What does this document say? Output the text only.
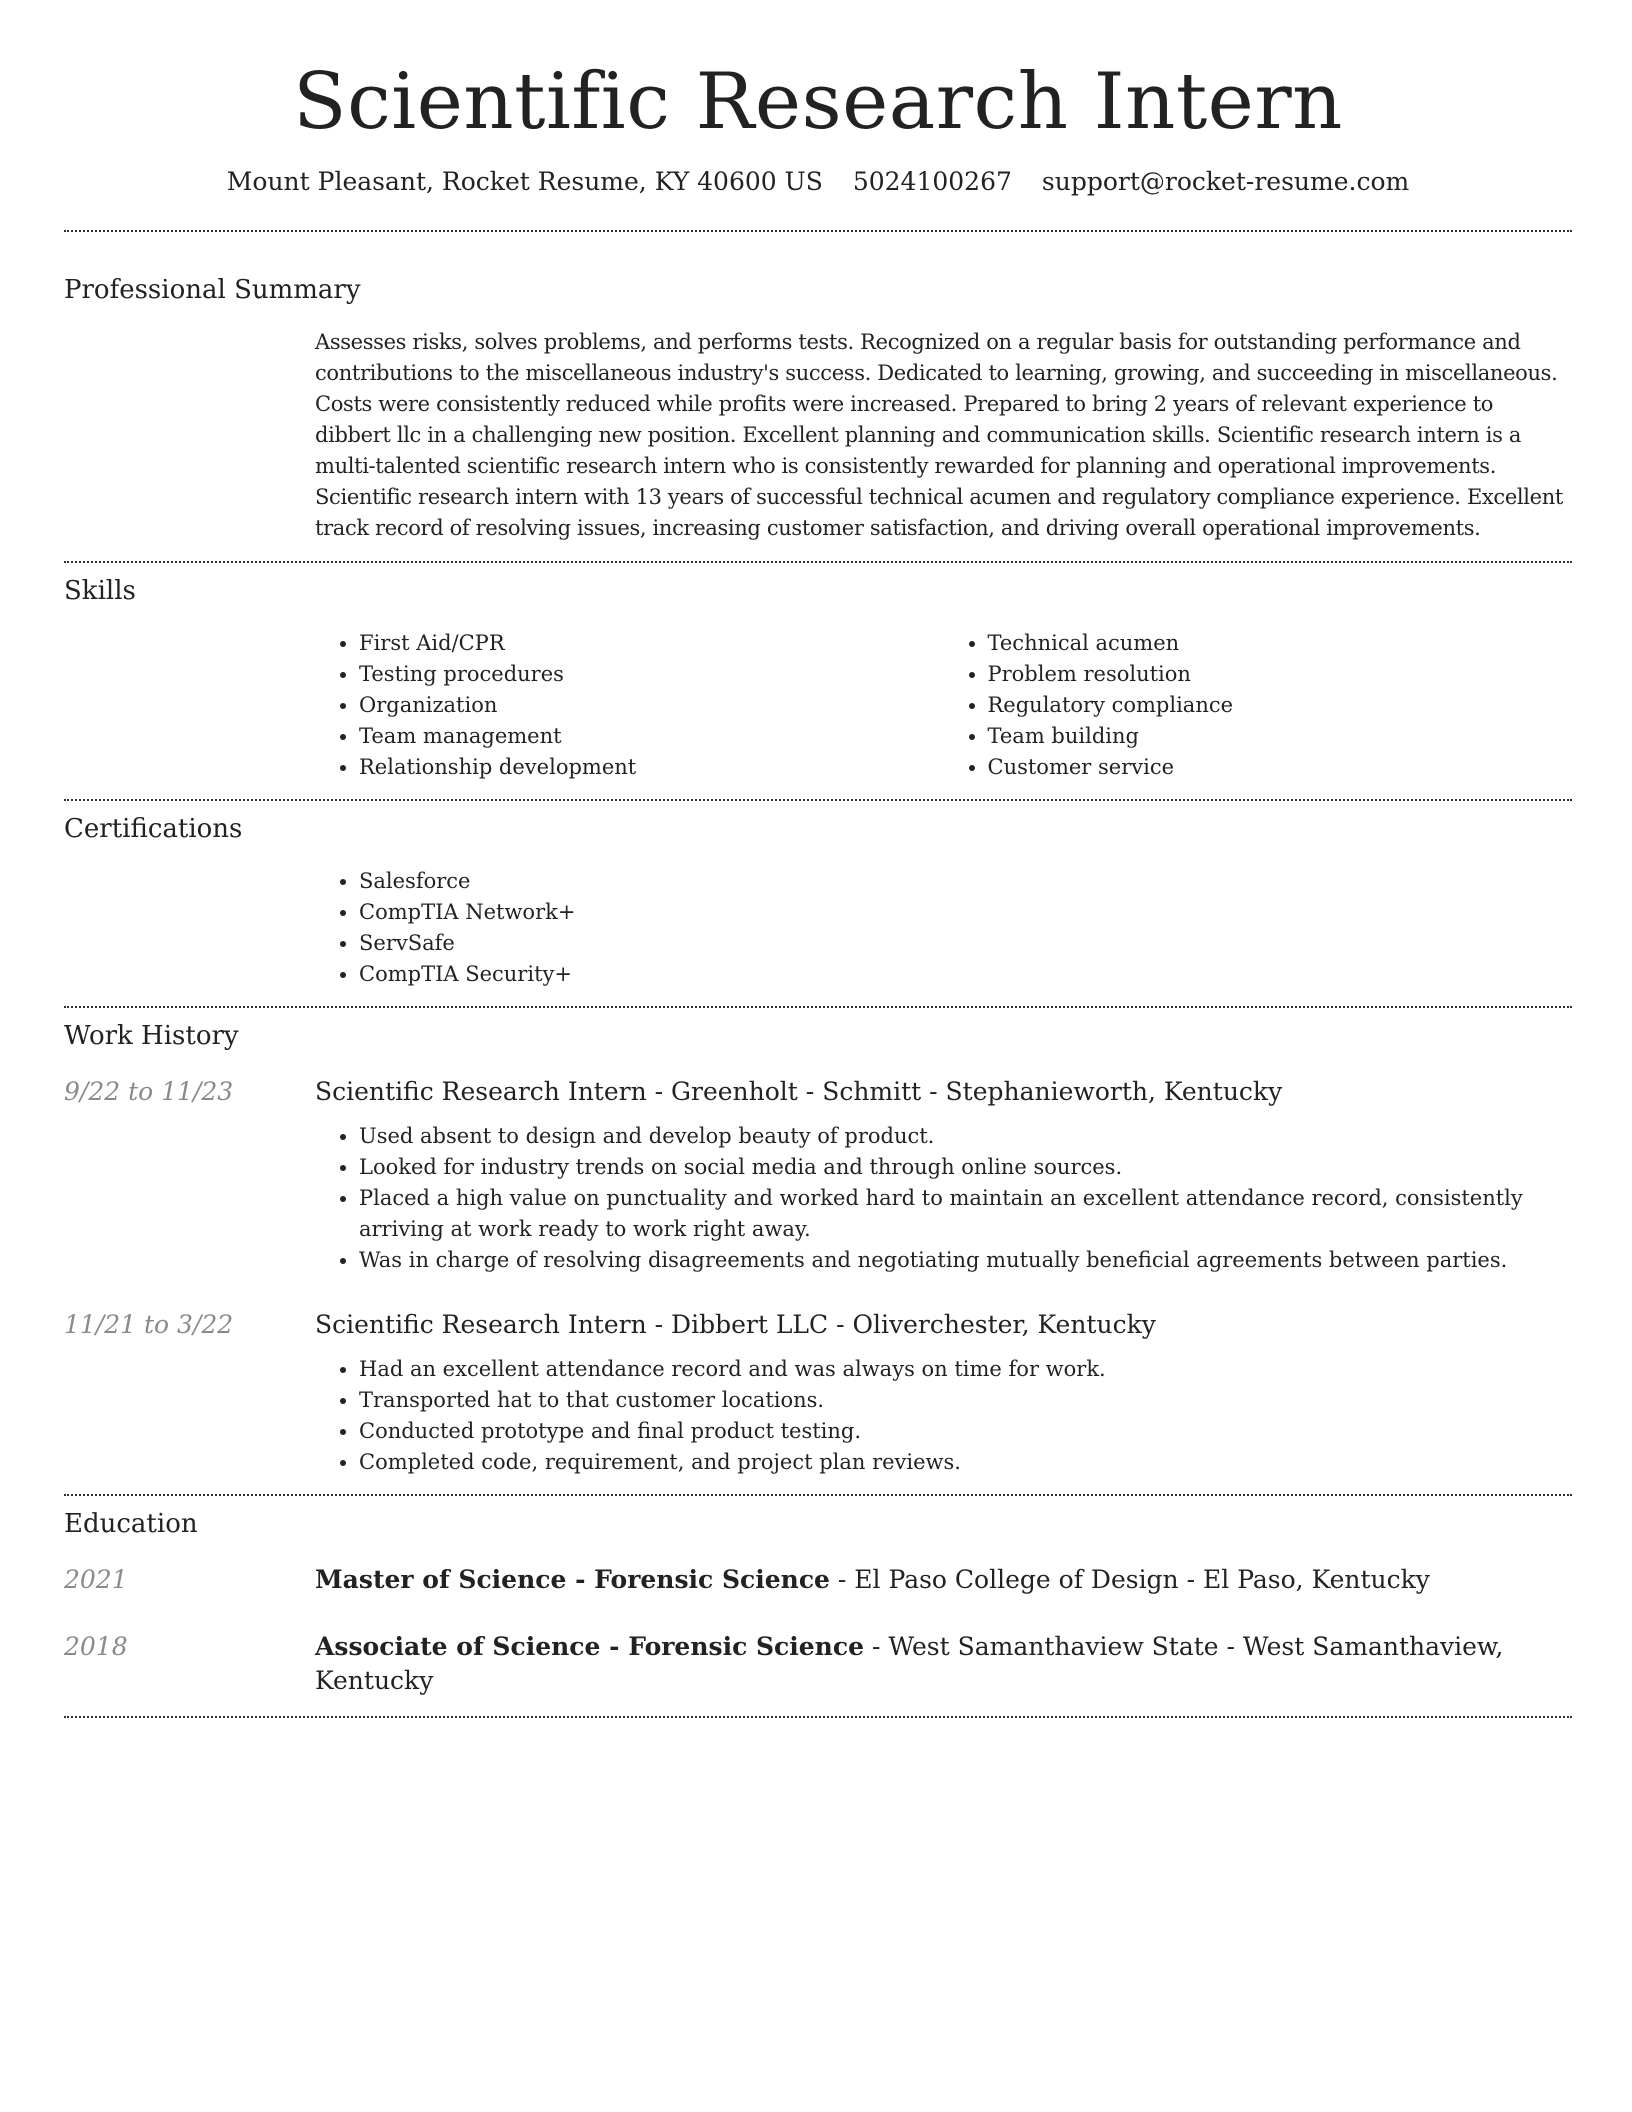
Scientific Research Intern
Mount Pleasant, Rocket Resume, KY 40600 US 5024100267 support@rocket-resume.com
Professional Summary

Assesses risks, solves problems, and performs tests. Recognized on a regular basis for outstanding performance and contributions to the miscellaneous industry's success. Dedicated to learning, growing, and succeeding in miscellaneous. Costs were consistently reduced while profits were increased. Prepared to bring 2 years of relevant experience to dibbert llc in a challenging new position. Excellent planning and communication skills. Scientific research intern is a multi-talented scientific research intern who is consistently rewarded for planning and operational improvements. Scientific research intern with 13 years of successful technical acumen and regulatory compliance experience. Excellent track record of resolving issues, increasing customer satisfaction, and driving overall operational improvements.

Skills
• First Aid/CPR
• Testing procedures
• Organization
• Team management
• Relationship development
• Technical acumen
• Problem resolution
• Regulatory compliance
• Team building
• Customer service
Certifications
• Salesforce
• CompTIA Network+
• ServSafe
• CompTIA Security+
Work History
9/22 to 11/23	Scientific Research Intern - Greenholt - Schmitt - Stephanieworth, Kentucky
• Used absent to design and develop beauty of product.
• Looked for industry trends on social media and through online sources.
• Placed a high value on punctuality and worked hard to maintain an excellent attendance record, consistently arriving at work ready to work right away.
• Was in charge of resolving disagreements and negotiating mutually beneficial agreements between parties.
11/21 to 3/22	Scientific Research Intern - Dibbert LLC - Oliverchester, Kentucky
• Had an excellent attendance record and was always on time for work.
• Transported hat to that customer locations.
• Conducted prototype and final product testing.
• Completed code, requirement, and project plan reviews.
Education
2021	Master of Science - Forensic Science - El Paso College of Design - El Paso, Kentucky
2018	Associate of Science - Forensic Science - West Samanthaview State - West Samanthaview, Kentucky
